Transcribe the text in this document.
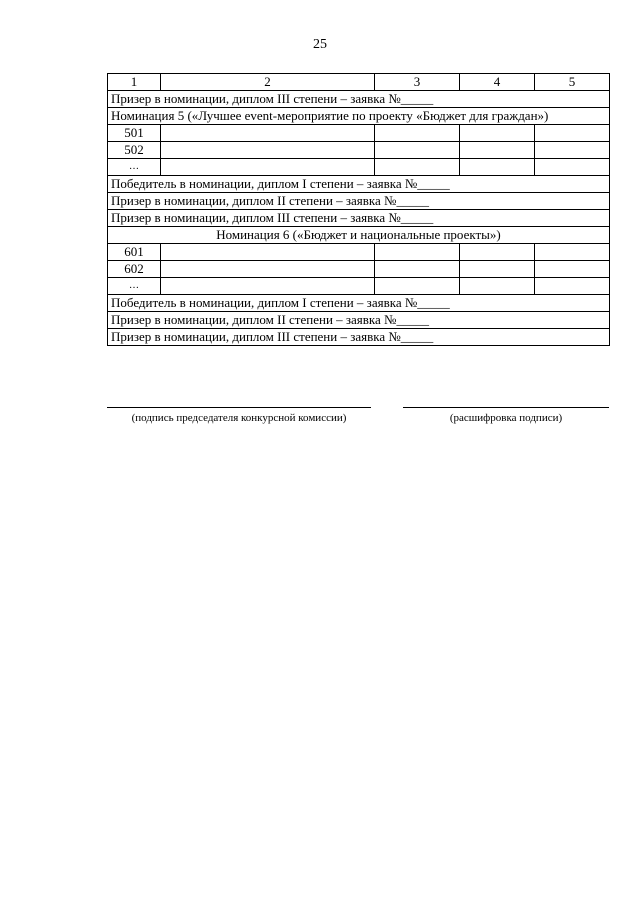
25
1	2	3	4	5
Призер в номинации, диплом III степени – заявка №_____				
Номинация 5 («Лучшее event-мероприятие по проекту «Бюджет для граждан»)				
501				
502				
…				
Победитель в номинации, диплом I степени – заявка №_____				
Призер в номинации, диплом II степени – заявка №_____				
Призер в номинации, диплом III степени – заявка №_____				
Номинация 6 («Бюджет и национальные проекты»)				
601				
602				
…				
Победитель в номинации, диплом I степени – заявка №_____				
Призер в номинации, диплом II степени – заявка №_____				
Призер в номинации, диплом III степени – заявка №_____				
(подпись председателя конкурсной комиссии)	(расшифровка подписи)
